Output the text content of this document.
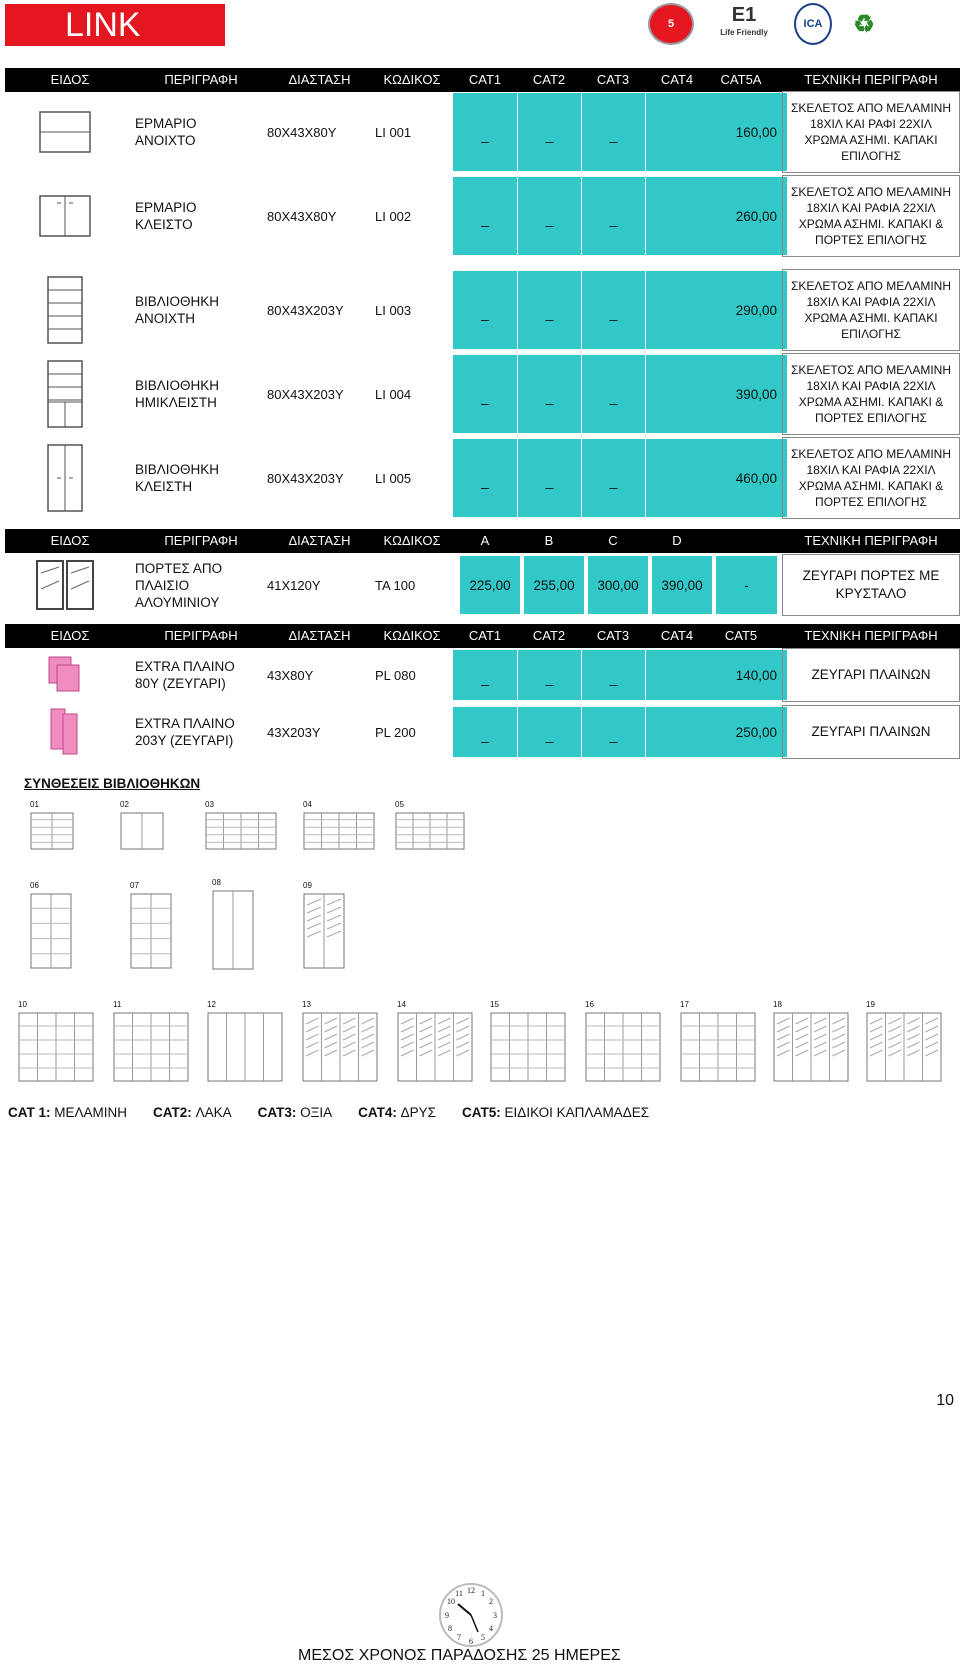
LINK	5	E1
Life Friendly
ICA	♻
ΕΙΔΟΣ	ΠΕΡΙΓΡΑΦΗ	ΔΙΑΣΤΑΣΗ	ΚΩΔΙΚΟΣ	CAT1	CAT2	CAT3	CAT4	CAT5A	ΤΕΧΝΙΚΗ ΠΕΡΙΓΡΑΦΗ
ΕΡΜΑΡΙΟ
ΑΝΟΙΧΤΟ
80X43X80Y	LI 001	_	_	_	160,00
ΣΚΕΛΕΤΟΣ ΑΠΟ ΜΕΛΑΜΙΝΗ
18ΧΙΛ ΚΑΙ ΡΑΦΙ 22ΧΙΛ
ΧΡΩΜΑ ΑΣΗΜΙ. ΚΑΠΑΚΙ
ΕΠΙΛΟΓΗΣ
ΕΡΜΑΡΙΟ
ΚΛΕΙΣΤΟ
80X43X80Y	LI 002	_	_	_	260,00
ΣΚΕΛΕΤΟΣ ΑΠΟ ΜΕΛΑΜΙΝΗ
18ΧΙΛ ΚΑΙ ΡΑΦΙΑ 22ΧΙΛ
ΧΡΩΜΑ ΑΣΗΜΙ. ΚΑΠΑΚΙ &
ΠΟΡΤΕΣ ΕΠΙΛΟΓΗΣ
ΒΙΒΛΙΟΘΗΚΗ
ΑΝΟΙΧΤΗ
80X43X203Y	LI 003	_	_	_	290,00
ΣΚΕΛΕΤΟΣ ΑΠΟ ΜΕΛΑΜΙΝΗ
18ΧΙΛ ΚΑΙ ΡΑΦΙΑ 22ΧΙΛ
ΧΡΩΜΑ ΑΣΗΜΙ. ΚΑΠΑΚΙ
ΕΠΙΛΟΓΗΣ
ΒΙΒΛΙΟΘΗΚΗ
ΗΜΙΚΛΕΙΣΤΗ
80X43X203Y	LI 004	_	_	_	390,00
ΣΚΕΛΕΤΟΣ ΑΠΟ ΜΕΛΑΜΙΝΗ
18ΧΙΛ ΚΑΙ ΡΑΦΙΑ 22ΧΙΛ
ΧΡΩΜΑ ΑΣΗΜΙ. ΚΑΠΑΚΙ &
ΠΟΡΤΕΣ ΕΠΙΛΟΓΗΣ
ΒΙΒΛΙΟΘΗΚΗ
ΚΛΕΙΣΤΗ
80X43X203Y	LI 005	_	_	_	460,00
ΣΚΕΛΕΤΟΣ ΑΠΟ ΜΕΛΑΜΙΝΗ
18ΧΙΛ ΚΑΙ ΡΑΦΙΑ 22ΧΙΛ
ΧΡΩΜΑ ΑΣΗΜΙ. ΚΑΠΑΚΙ &
ΠΟΡΤΕΣ ΕΠΙΛΟΓΗΣ
ΕΙΔΟΣ	ΠΕΡΙΓΡΑΦΗ	ΔΙΑΣΤΑΣΗ	ΚΩΔΙΚΟΣ	A	B	C	D	ΤΕΧΝΙΚΗ ΠΕΡΙΓΡΑΦΗ
ΠΟΡΤΕΣ ΑΠΟ
ΠΛΑΙΣΙΟ
ΑΛΟΥΜΙΝΙΟΥ
41X120Y	TA 100	225,00	255,00	300,00	390,00	-
ΖΕΥΓΑΡΙ ΠΟΡΤΕΣ ΜΕ
ΚΡΥΣΤΑΛΟ
ΕΙΔΟΣ	ΠΕΡΙΓΡΑΦΗ	ΔΙΑΣΤΑΣΗ	ΚΩΔΙΚΟΣ	CAT1	CAT2	CAT3	CAT4	CAT5	ΤΕΧΝΙΚΗ ΠΕΡΙΓΡΑΦΗ
EXTRA ΠΛΑΙΝΟ
80Y (ΖΕΥΓΑΡΙ)
43X80Y	PL 080	_	_	_	140,00	ΖΕΥΓΑΡΙ ΠΛΑΙΝΩΝ
EXTRA ΠΛΑΙΝΟ
203Y (ΖΕΥΓΑΡΙ)
43X203Y	PL 200	_	_	_	250,00	ΖΕΥΓΑΡΙ ΠΛΑΙΝΩΝ
ΣΥΝΘΕΣΕΙΣ ΒΙΒΛΙΟΘΗΚΩΝ
01	02	03	04	05
06	07	08	09
10	11	12	13	14	15	16	17	18	19
CAT 1: ΜΕΛΑΜΙΝΗ CAT2: ΛΑΚΑ CAT3: ΟΞΙΑ CAT4: ΔΡΥΣ CAT5: ΕΙΔΙΚΟΙ ΚΑΠΛΑΜΑΔΕΣ
12 1
2
3
4
5
6
7
8
9
10
11
ΜΕΣΟΣ ΧΡΟΝΟΣ ΠΑΡΑΔΟΣΗΣ 25 ΗΜΕΡΕΣ
10
